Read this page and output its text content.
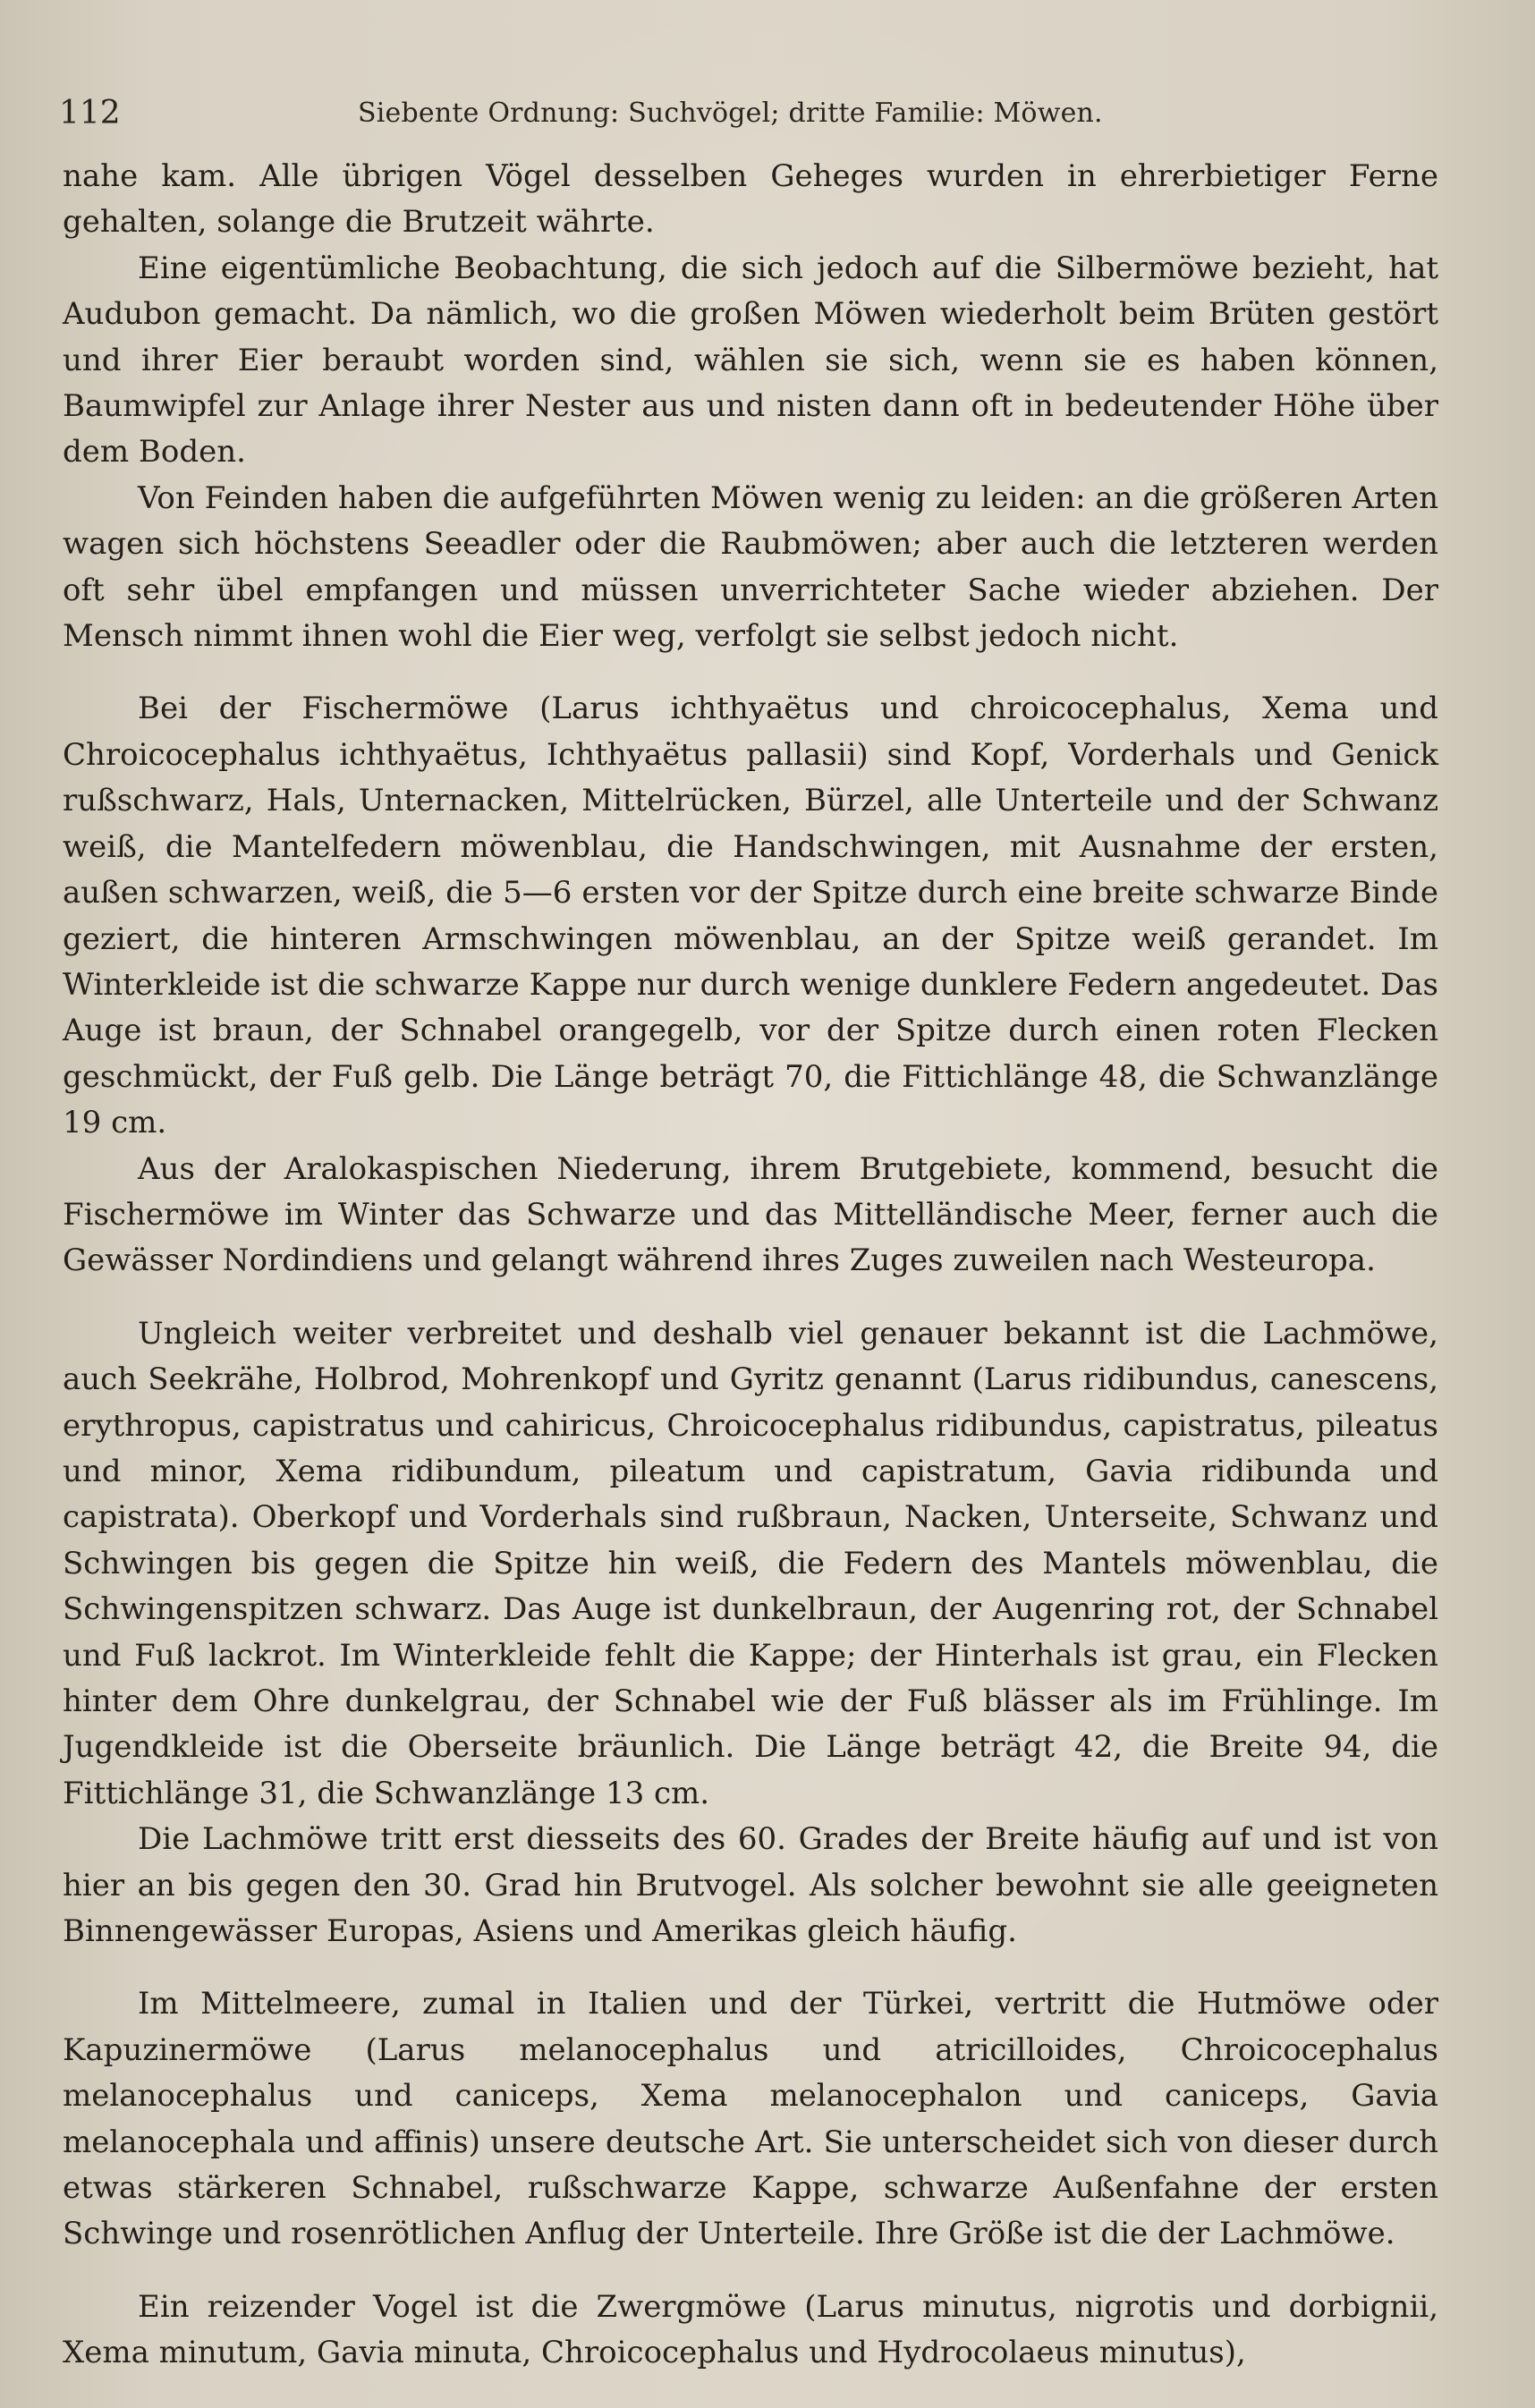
112	Siebente Ordnung: Suchvögel; dritte Familie: Möwen.

nahe kam. Alle übrigen Vögel desselben Geheges wurden in ehrerbietiger Ferne gehalten, solange die Brutzeit währte.

Eine eigentümliche Beobachtung, die sich jedoch auf die Silbermöwe bezieht, hat Audubon gemacht. Da nämlich, wo die großen Möwen wiederholt beim Brüten gestört und ihrer Eier beraubt worden sind, wählen sie sich, wenn sie es haben können, Baumwipfel zur Anlage ihrer Nester aus und nisten dann oft in bedeutender Höhe über dem Boden.

Von Feinden haben die aufgeführten Möwen wenig zu leiden: an die größeren Arten wagen sich höchstens Seeadler oder die Raubmöwen; aber auch die letzteren werden oft sehr übel empfangen und müssen unverrichteter Sache wieder abziehen. Der Mensch nimmt ihnen wohl die Eier weg, verfolgt sie selbst jedoch nicht.

Bei der Fischermöwe (Larus ichthyaëtus und chroicocephalus, Xema und Chroicocephalus ichthyaëtus, Ichthyaëtus pallasii) sind Kopf, Vorderhals und Genick rußschwarz, Hals, Unternacken, Mittelrücken, Bürzel, alle Unterteile und der Schwanz weiß, die Mantelfedern möwenblau, die Handschwingen, mit Ausnahme der ersten, außen schwarzen, weiß, die 5—6 ersten vor der Spitze durch eine breite schwarze Binde geziert, die hinteren Armschwingen möwenblau, an der Spitze weiß gerandet. Im Winterkleide ist die schwarze Kappe nur durch wenige dunklere Federn angedeutet. Das Auge ist braun, der Schnabel orangegelb, vor der Spitze durch einen roten Flecken geschmückt, der Fuß gelb. Die Länge beträgt 70, die Fittichlänge 48, die Schwanzlänge 19 cm.

Aus der Aralokaspischen Niederung, ihrem Brutgebiete, kommend, besucht die Fischermöwe im Winter das Schwarze und das Mittelländische Meer, ferner auch die Gewässer Nordindiens und gelangt während ihres Zuges zuweilen nach Westeuropa.

Ungleich weiter verbreitet und deshalb viel genauer bekannt ist die Lachmöwe, auch Seekrähe, Holbrod, Mohrenkopf und Gyritz genannt (Larus ridibundus, canescens, erythropus, capistratus und cahiricus, Chroicocephalus ridibundus, capistratus, pileatus und minor, Xema ridibundum, pileatum und capistratum, Gavia ridibunda und capistrata). Oberkopf und Vorderhals sind rußbraun, Nacken, Unterseite, Schwanz und Schwingen bis gegen die Spitze hin weiß, die Federn des Mantels möwenblau, die Schwingenspitzen schwarz. Das Auge ist dunkelbraun, der Augenring rot, der Schnabel und Fuß lackrot. Im Winterkleide fehlt die Kappe; der Hinterhals ist grau, ein Flecken hinter dem Ohre dunkelgrau, der Schnabel wie der Fuß blässer als im Frühlinge. Im Jugendkleide ist die Oberseite bräunlich. Die Länge beträgt 42, die Breite 94, die Fittichlänge 31, die Schwanzlänge 13 cm.

Die Lachmöwe tritt erst diesseits des 60. Grades der Breite häufig auf und ist von hier an bis gegen den 30. Grad hin Brutvogel. Als solcher bewohnt sie alle geeigneten Binnengewässer Europas, Asiens und Amerikas gleich häufig.

Im Mittelmeere, zumal in Italien und der Türkei, vertritt die Hutmöwe oder Kapuzinermöwe (Larus melanocephalus und atricilloides, Chroicocephalus melanocephalus und caniceps, Xema melanocephalon und caniceps, Gavia melanocephala und affinis) unsere deutsche Art. Sie unterscheidet sich von dieser durch etwas stärkeren Schnabel, rußschwarze Kappe, schwarze Außenfahne der ersten Schwinge und rosenrötlichen Anflug der Unterteile. Ihre Größe ist die der Lachmöwe.

Ein reizender Vogel ist die Zwergmöwe (Larus minutus, nigrotis und dorbignii, Xema minutum, Gavia minuta, Chroicocephalus und Hydrocolaeus minutus),
